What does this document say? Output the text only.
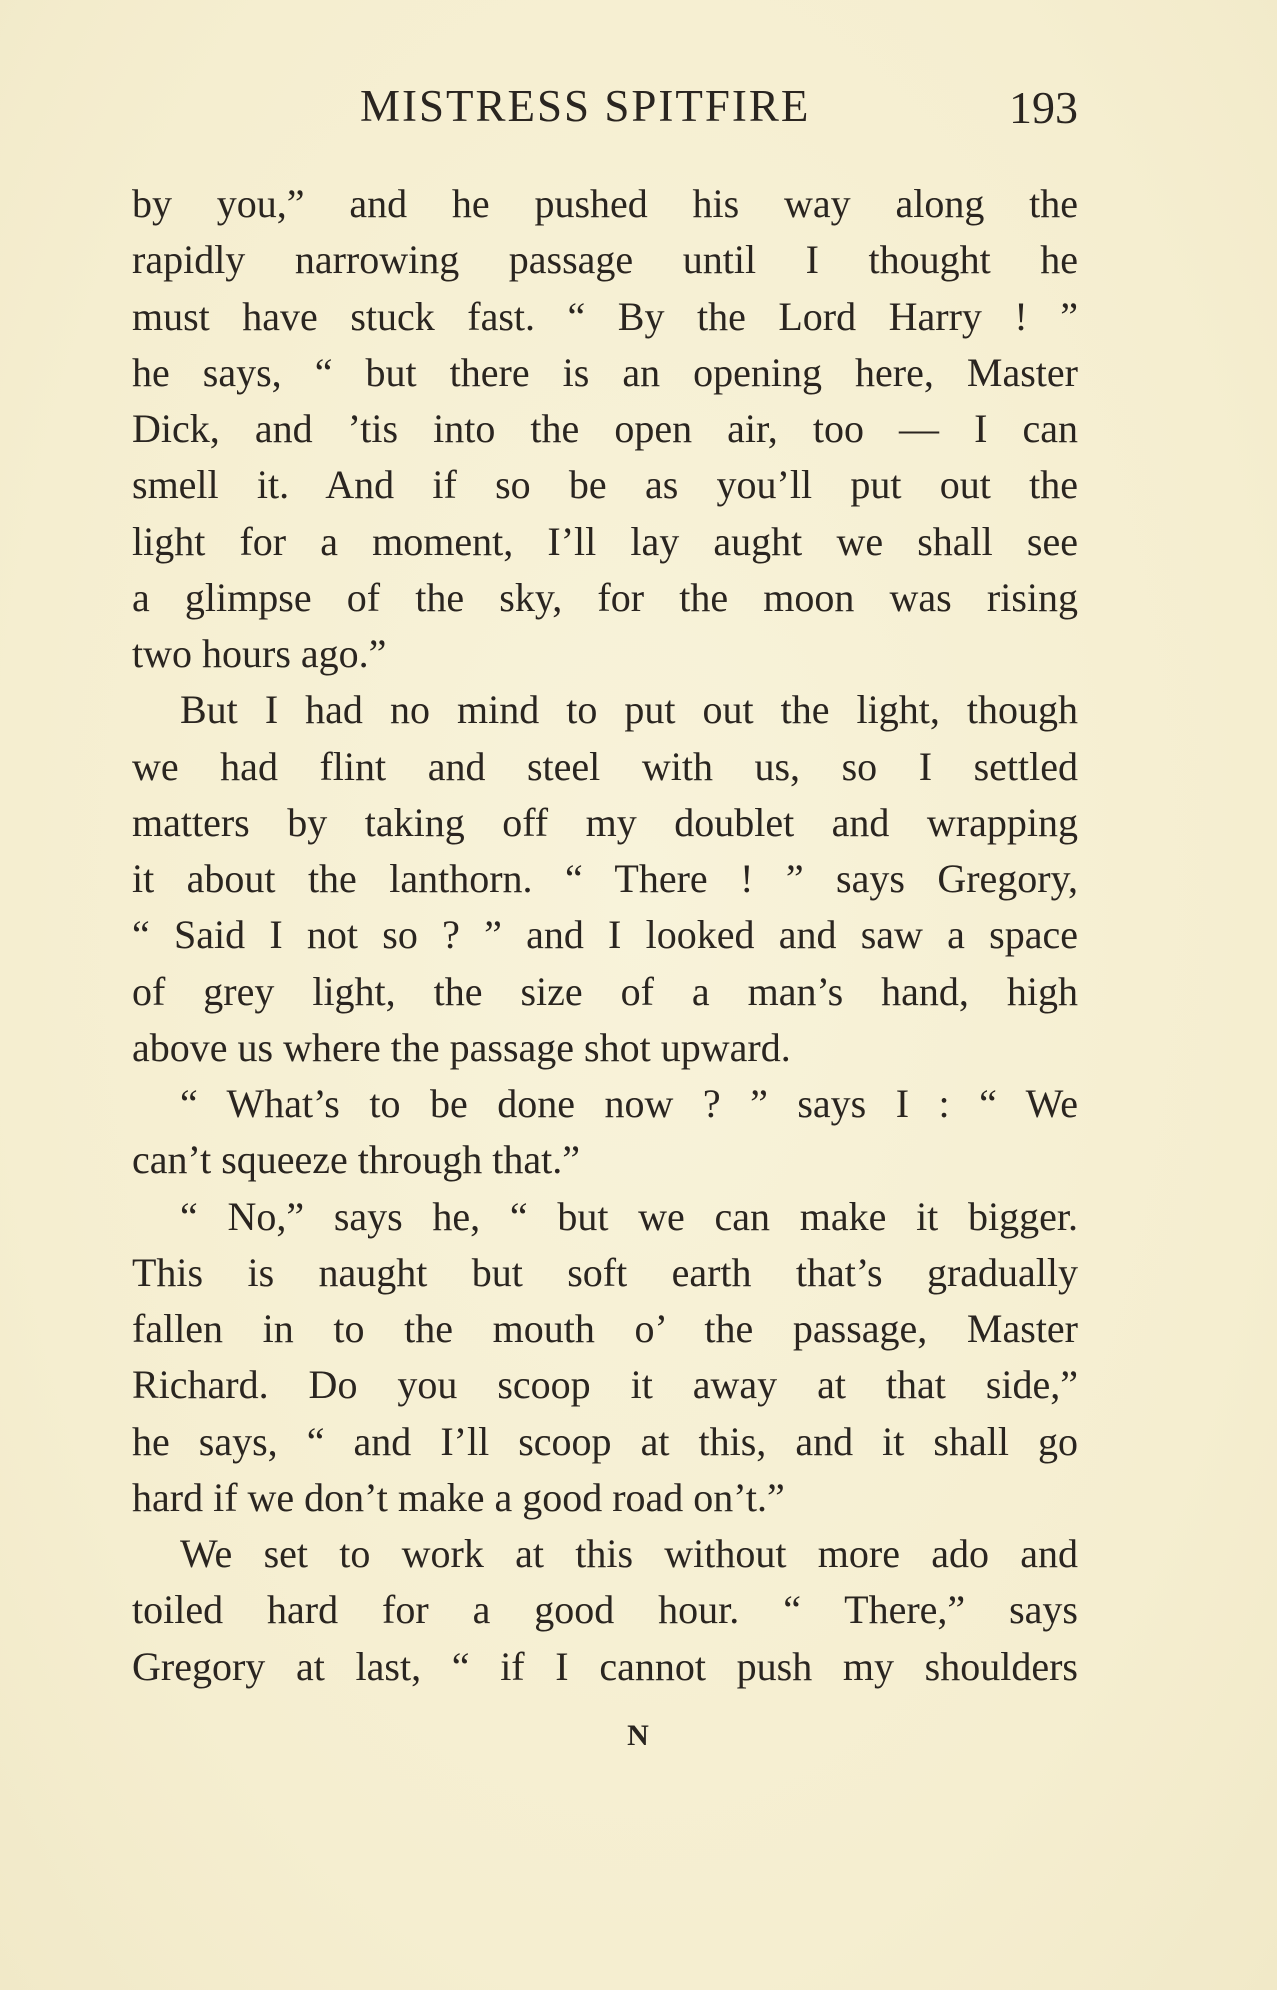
MISTRESS SPITFIRE	193
by you,” and he pushed his way along the
rapidly narrowing passage until I thought he
must have stuck fast. “ By the Lord Harry ! ”
he says, “ but there is an opening here, Master
Dick, and ’tis into the open air, too — I can
smell it. And if so be as you’ll put out the
light for a moment, I’ll lay aught we shall see
a glimpse of the sky, for the moon was rising
two hours ago.”
But I had no mind to put out the light, though
we had flint and steel with us, so I settled
matters by taking off my doublet and wrapping
it about the lanthorn. “ There ! ” says Gregory,
“ Said I not so ? ” and I looked and saw a space
of grey light, the size of a man’s hand, high
above us where the passage shot upward.
“ What’s to be done now ? ” says I : “ We
can’t squeeze through that.”
“ No,” says he, “ but we can make it bigger.
This is naught but soft earth that’s gradually
fallen in to the mouth o’ the passage, Master
Richard. Do you scoop it away at that side,”
he says, “ and I’ll scoop at this, and it shall go
hard if we don’t make a good road on’t.”
We set to work at this without more ado and
toiled hard for a good hour. “ There,” says
Gregory at last, “ if I cannot push my shoulders
N
